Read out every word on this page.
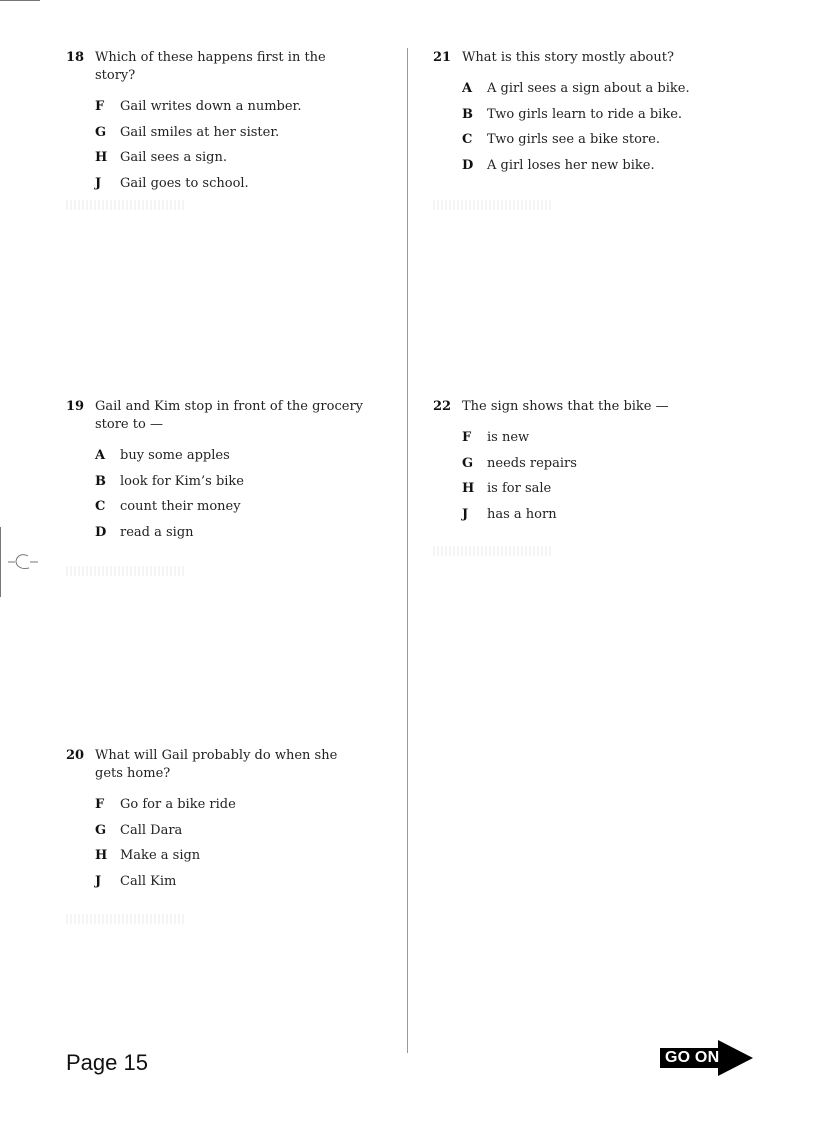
18 Which of these happens first in the story?
F	Gail writes down a number.
G	Gail smiles at her sister.
H Gail sees a sign.
J	Gail goes to school.
19 Gail and Kim stop in front of the grocery store to —
A	buy some apples
B	look for Kim’s bike
C	count their money
D	read a sign
20 What will Gail probably do when she gets home?
F	Go for a bike ride
G	Call Dara
H Make a sign
J	Call Kim
21 What is this story mostly about?
A	A girl sees a sign about a bike.
B	Two girls learn to ride a bike.
C	Two girls see a bike store.
D	A girl loses her new bike.
22 The sign shows that the bike —
F	is new
G	needs repairs
H is for sale
J	has a horn
Page 15	GO ON
